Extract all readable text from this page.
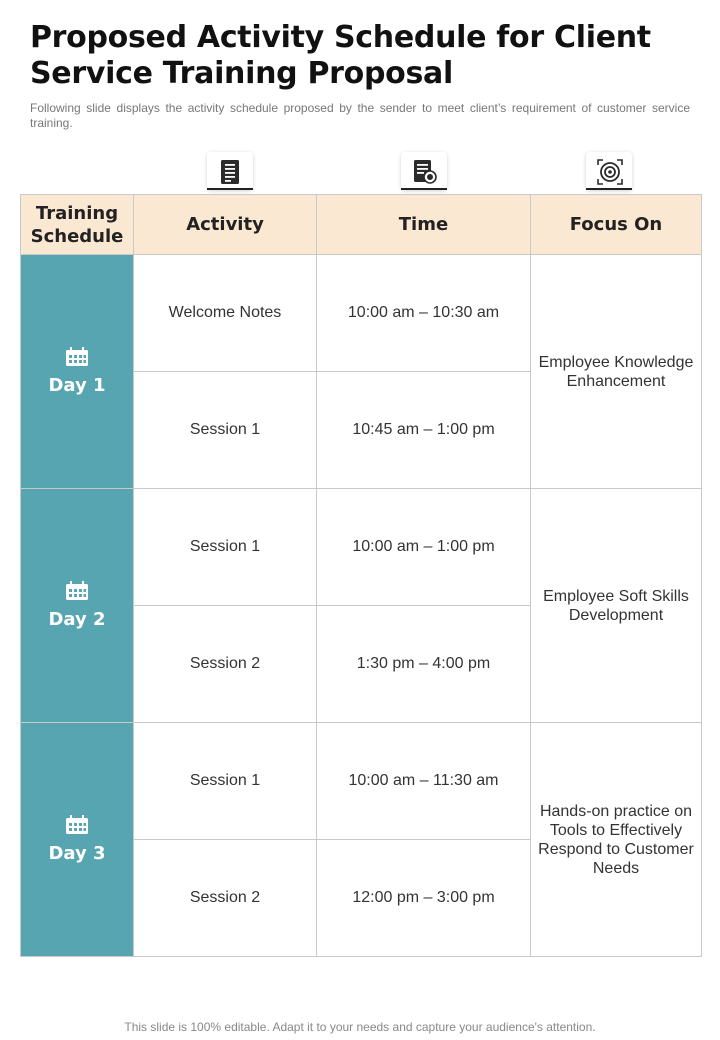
Proposed Activity Schedule for Client Service Training Proposal
Following slide displays the activity schedule proposed by the sender to meet client’s requirement of customer service training.
Training Schedule	Activity	Time	Focus On

Day 1	Welcome Notes	10:00 am – 10:30 am	Employee Knowledge Enhancement
	Session 1	10:45 am – 1:00 pm	

Day 2	Session 1	10:00 am – 1:00 pm	Employee Soft Skills Development
	Session 2	1:30 pm – 4:00 pm	

Day 3	Session 1	10:00 am – 11:30 am	Hands-on practice on Tools to Effectively Respond to Customer Needs
	Session 2	12:00 pm – 3:00 pm	
This slide is 100% editable. Adapt it to your needs and capture your audience's attention.
